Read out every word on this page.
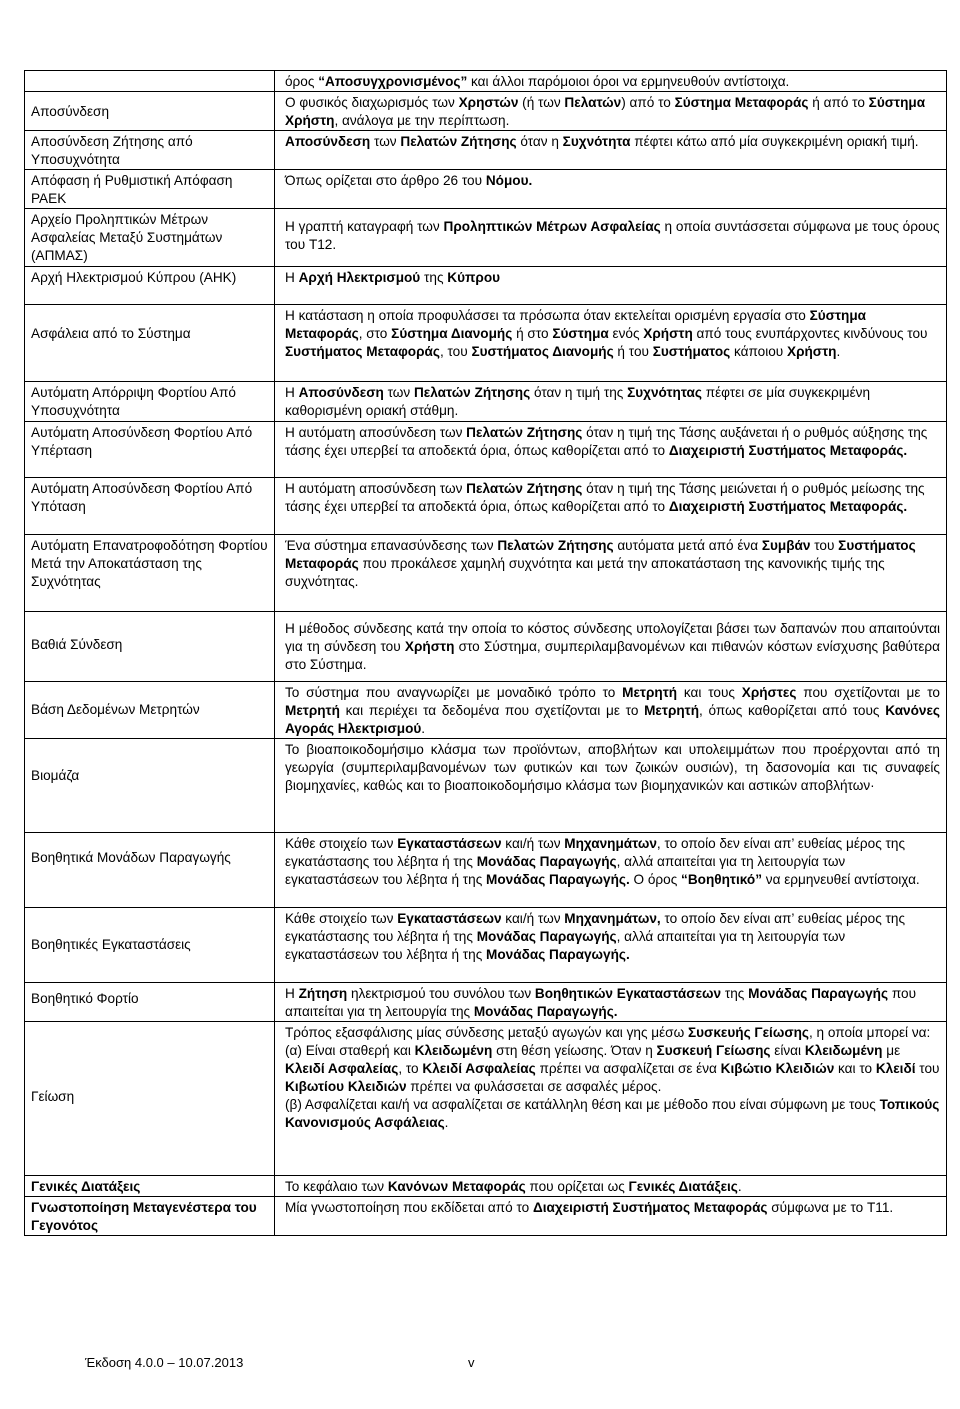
	όρος “Αποσυγχρονισμένος” και άλλοι παρόμοιοι όροι να ερμηνευθούν αντίστοιχα.

Αποσύνδεση	Ο φυσικός διαχωρισμός των Χρηστών (ή των Πελατών) από το Σύστημα Μεταφοράς ή από το Σύστημα Χρήστη, ανάλογα με την περίπτωση.

Αποσύνδεση Ζήτησης από Υποσυχνότητα	Αποσύνδεση των Πελατών Ζήτησης όταν η Συχνότητα πέφτει κάτω από μία συγκεκριμένη οριακή τιμή.

Απόφαση ή Ρυθμιστική Απόφαση ΡΑΕΚ	Όπως ορίζεται στο άρθρο 26 του Νόμου.

Αρχείο Προληπτικών Μέτρων Ασφαλείας Μεταξύ Συστημάτων (ΑΠΜΑΣ)	Η γραπτή καταγραφή των Προληπτικών Μέτρων Ασφαλείας η οποία συντάσσεται σύμφωνα με τους όρους του T12.

Αρχή Ηλεκτρισμού Κύπρου (ΑΗΚ)	Η Αρχή Ηλεκτρισμού της Κύπρου

Ασφάλεια από το Σύστημα	Η κατάσταση η οποία προφυλάσσει τα πρόσωπα όταν εκτελείται ορισμένη εργασία στο Σύστημα Μεταφοράς, στο Σύστημα Διανομής ή στο Σύστημα ενός Χρήστη από τους ενυπάρχοντες κινδύνους του Συστήματος Μεταφοράς, του Συστήματος Διανομής ή του Συστήματος κάποιου Χρήστη.

Αυτόματη Απόρριψη Φορτίου Από Υποσυχνότητα	Η Αποσύνδεση των Πελατών Ζήτησης όταν η τιμή της Συχνότητας πέφτει σε μία συγκεκριμένη καθορισμένη οριακή στάθμη.

Αυτόματη Αποσύνδεση Φορτίου Από Υπέρταση	Η αυτόματη αποσύνδεση των Πελατών Ζήτησης όταν η τιμή της Τάσης αυξάνεται ή ο ρυθμός αύξησης της τάσης έχει υπερβεί τα αποδεκτά όρια, όπως καθορίζεται από το Διαχειριστή Συστήματος Μεταφοράς.

Αυτόματη Αποσύνδεση Φορτίου Από Υπόταση	Η αυτόματη αποσύνδεση των Πελατών Ζήτησης όταν η τιμή της Τάσης μειώνεται ή ο ρυθμός μείωσης της τάσης έχει υπερβεί τα αποδεκτά όρια, όπως καθορίζεται από το Διαχειριστή Συστήματος Μεταφοράς.

Αυτόματη Επανατροφοδότηση Φορτίου Μετά την Αποκατάσταση της Συχνότητας	Ένα σύστημα επανασύνδεσης των Πελατών Ζήτησης αυτόματα μετά από ένα Συμβάν του Συστήματος Μεταφοράς που προκάλεσε χαμηλή συχνότητα και μετά την αποκατάσταση της κανονικής τιμής της συχνότητας.

Βαθιά Σύνδεση	Η μέθοδος σύνδεσης κατά την οποία το κόστος σύνδεσης υπολογίζεται βάσει των δαπανών που απαιτούνται για τη σύνδεση του Χρήστη στο Σύστημα, συμπεριλαμβανομένων και πιθανών κόστων ενίσχυσης βαθύτερα στο Σύστημα.

Βάση Δεδομένων Μετρητών	Το σύστημα που αναγνωρίζει με μοναδικό τρόπο το Μετρητή και τους Χρήστες που σχετίζονται με το Μετρητή και περιέχει τα δεδομένα που σχετίζονται με το Μετρητή, όπως καθορίζεται από τους Κανόνες Αγοράς Ηλεκτρισμού.

Βιομάζα	Το βιοαποικοδομήσιμο κλάσμα των προϊόντων, αποβλήτων και υπολειμμάτων που προέρχονται από τη γεωργία (συμπεριλαμβανομένων των φυτικών και των ζωικών ουσιών), τη δασονομία και τις συναφείς βιομηχανίες, καθώς και το βιοαποικοδομήσιμο κλάσμα των βιομηχανικών και αστικών αποβλήτων·

Βοηθητικά Μονάδων Παραγωγής	Κάθε στοιχείο των Εγκαταστάσεων και/ή των Μηχανημάτων, το οποίο δεν είναι απ’ ευθείας μέρος της εγκατάστασης του λέβητα ή της Μονάδας Παραγωγής, αλλά απαιτείται για τη λειτουργία των εγκαταστάσεων του λέβητα ή της Μονάδας Παραγωγής. Ο όρος “Βοηθητικό” να ερμηνευθεί αντίστοιχα.

Βοηθητικές Εγκαταστάσεις	Κάθε στοιχείο των Εγκαταστάσεων και/ή των Μηχανημάτων, το οποίο δεν είναι απ’ ευθείας μέρος της εγκατάστασης του λέβητα ή της Μονάδας Παραγωγής, αλλά απαιτείται για τη λειτουργία των εγκαταστάσεων του λέβητα ή της Μονάδας Παραγωγής.

Βοηθητικό Φορτίο	Η Ζήτηση ηλεκτρισμού του συνόλου των Βοηθητικών Εγκαταστάσεων της Μονάδας Παραγωγής που απαιτείται για τη λειτουργία της Μονάδας Παραγωγής.

Γείωση	Τρόπος εξασφάλισης μίας σύνδεσης μεταξύ αγωγών και γης μέσω Συσκευής Γείωσης, η οποία μπορεί να:
(α) Είναι σταθερή και Κλειδωμένη στη θέση γείωσης. Όταν η Συσκευή Γείωσης είναι Κλειδωμένη με Κλειδί Ασφαλείας, το Κλειδί Ασφαλείας πρέπει να ασφαλίζεται σε ένα Κιβώτιο Κλειδιών και το Κλειδί του Κιβωτίου Κλειδιών πρέπει να φυλάσσεται σε ασφαλές μέρος.
(β) Ασφαλίζεται και/ή να ασφαλίζεται σε κατάλληλη θέση και με μέθοδο που είναι σύμφωνη με τους Τοπικούς Κανονισμούς Ασφάλειας.

Γενικές Διατάξεις	Το κεφάλαιο των Κανόνων Μεταφοράς που ορίζεται ως Γενικές Διατάξεις.

Γνωστοποίηση Μεταγενέστερα του Γεγονότος	Μία γνωστοποίηση που εκδίδεται από το Διαχειριστή Συστήματος Μεταφοράς σύμφωνα με το T11.
Έκδοση 4.0.0 – 10.07.2013	v
